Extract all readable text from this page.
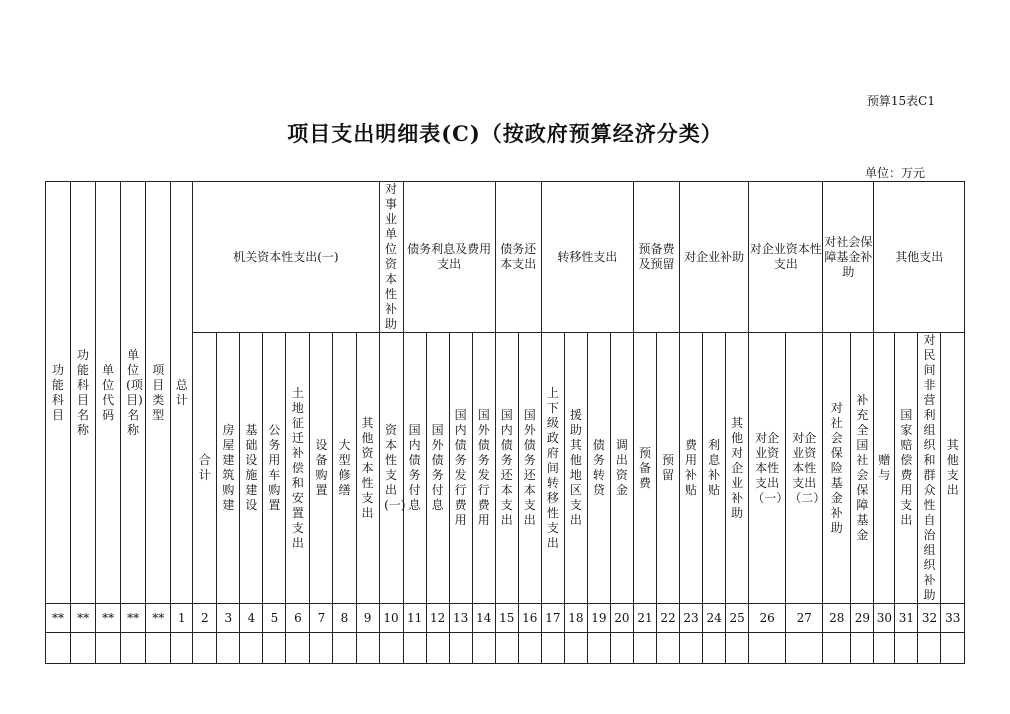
预算15表C1
项目支出明细表(C)（按政府预算经济分类）
单位：万元
功能科目	功能科目名称	单位代码	单位(项目)名称	项目类型	总计	机关资本性支出(一)								对事业单位资本性补助	债务利息及费用支出				债务还本支出		转移性支出				预备费及预留		对企业补助			对企业资本性支出		对社会保障基金补助		其他支出			
						合计	房屋建筑购建	基础设施建设	公务用车购置	土地征迁补偿和安置支出	设备购置	大型修缮	其他资本性支出	资本性支出(一)	国内债务付息	国外债务付息	国内债务发行费用	国外债务发行费用	国内债务还本支出	国外债务还本支出	上下级政府间转移性支出	援助其他地区支出	债务转贷	调出资金	预备费	预留	费用补贴	利息补贴	其他对企业补助	对企业资本性支出（一）	对企业资本性支出（二）	对社会保险基金补助	补充全国社会保障基金	赠与	国家赔偿费用支出	对民间非营利组织和群众性自治组织补助	其他支出
**	**	**	**	**	1	2	3	4	5	6	7	8	9	10	11	12	13	14	15	16	17	18	19	20	21	22	23	24	25	26	27	28	29	30	31	32	33
